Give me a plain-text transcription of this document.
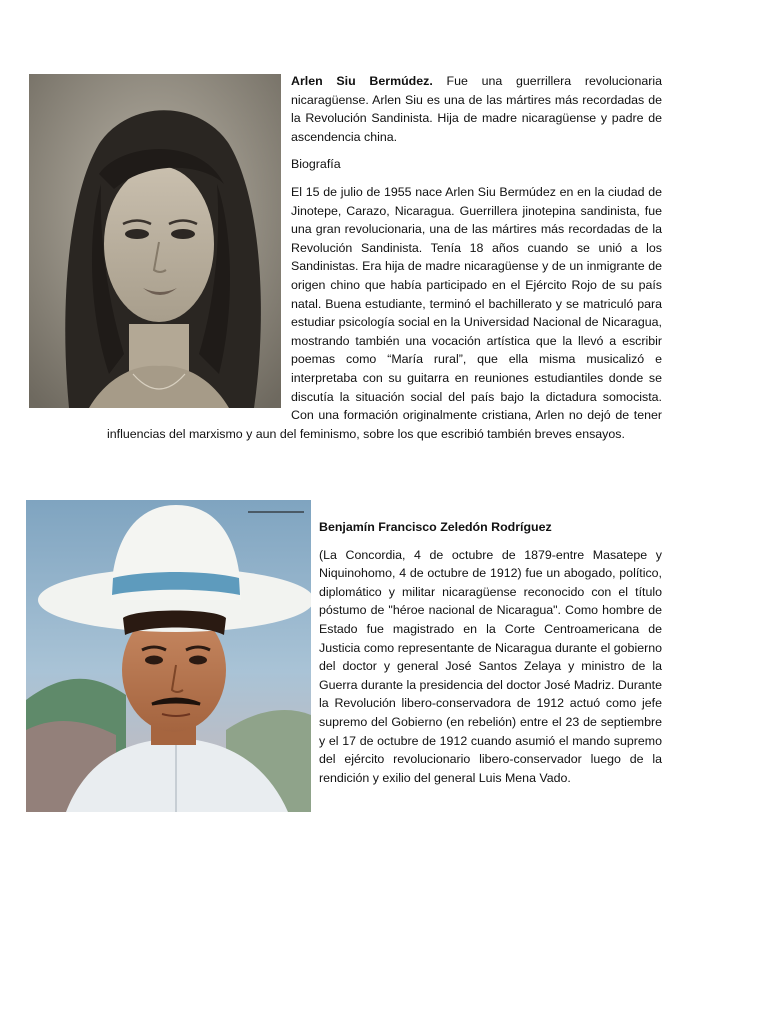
Arlen Siu Bermúdez. Fue una guerrillera revolucionaria nicaragüense. Arlen Siu es una de las mártires más recordadas de la Revolución Sandinista. Hija de madre nicaragüense y padre de ascendencia china.

Biografía

El 15 de julio de 1955 nace Arlen Siu Bermúdez en en la ciudad de Jinotepe, Carazo, Nicaragua. Guerrillera jinotepina sandinista, fue una gran revolucionaria, una de las mártires más recordadas de la Revolución Sandinista. Tenía 18 años cuando se unió a los Sandinistas. Era hija de madre nicaragüense y de un inmigrante de origen chino que había participado en el Ejército Rojo de su país natal. Buena estudiante, terminó el bachillerato y se matriculó para estudiar psicología social en la Universidad Nacional de Nicaragua, mostrando también una vocación artística que la llevó a escribir poemas como “María rural”, que ella misma musicalizó e interpretaba con su guitarra en reuniones estudiantiles donde se discutía la situación social del país bajo la dictadura somocista. Con una formación originalmente cristiana, Arlen no dejó de tener influencias del marxismo y aun del feminismo, sobre los que escribió también breves ensayos.

Benjamín Francisco Zeledón Rodríguez

(La Concordia, 4 de octubre de 1879-entre Masatepe y Niquinohomo, 4 de octubre de 1912) fue un abogado, político, diplomático y militar nicaragüense reconocido con el título póstumo de "héroe nacional de Nicaragua". Como hombre de Estado fue magistrado en la Corte Centroamericana de Justicia como representante de Nicaragua durante el gobierno del doctor y general José Santos Zelaya y ministro de la Guerra durante la presidencia del doctor José Madriz. Durante la Revolución libero-conservadora de 1912 actuó como jefe supremo del Gobierno (en rebelión) entre el 23 de septiembre y el 17 de octubre de 1912 cuando asumió el mando supremo del ejército revolucionario libero-conservador luego de la rendición y exilio del general Luis Mena Vado.
